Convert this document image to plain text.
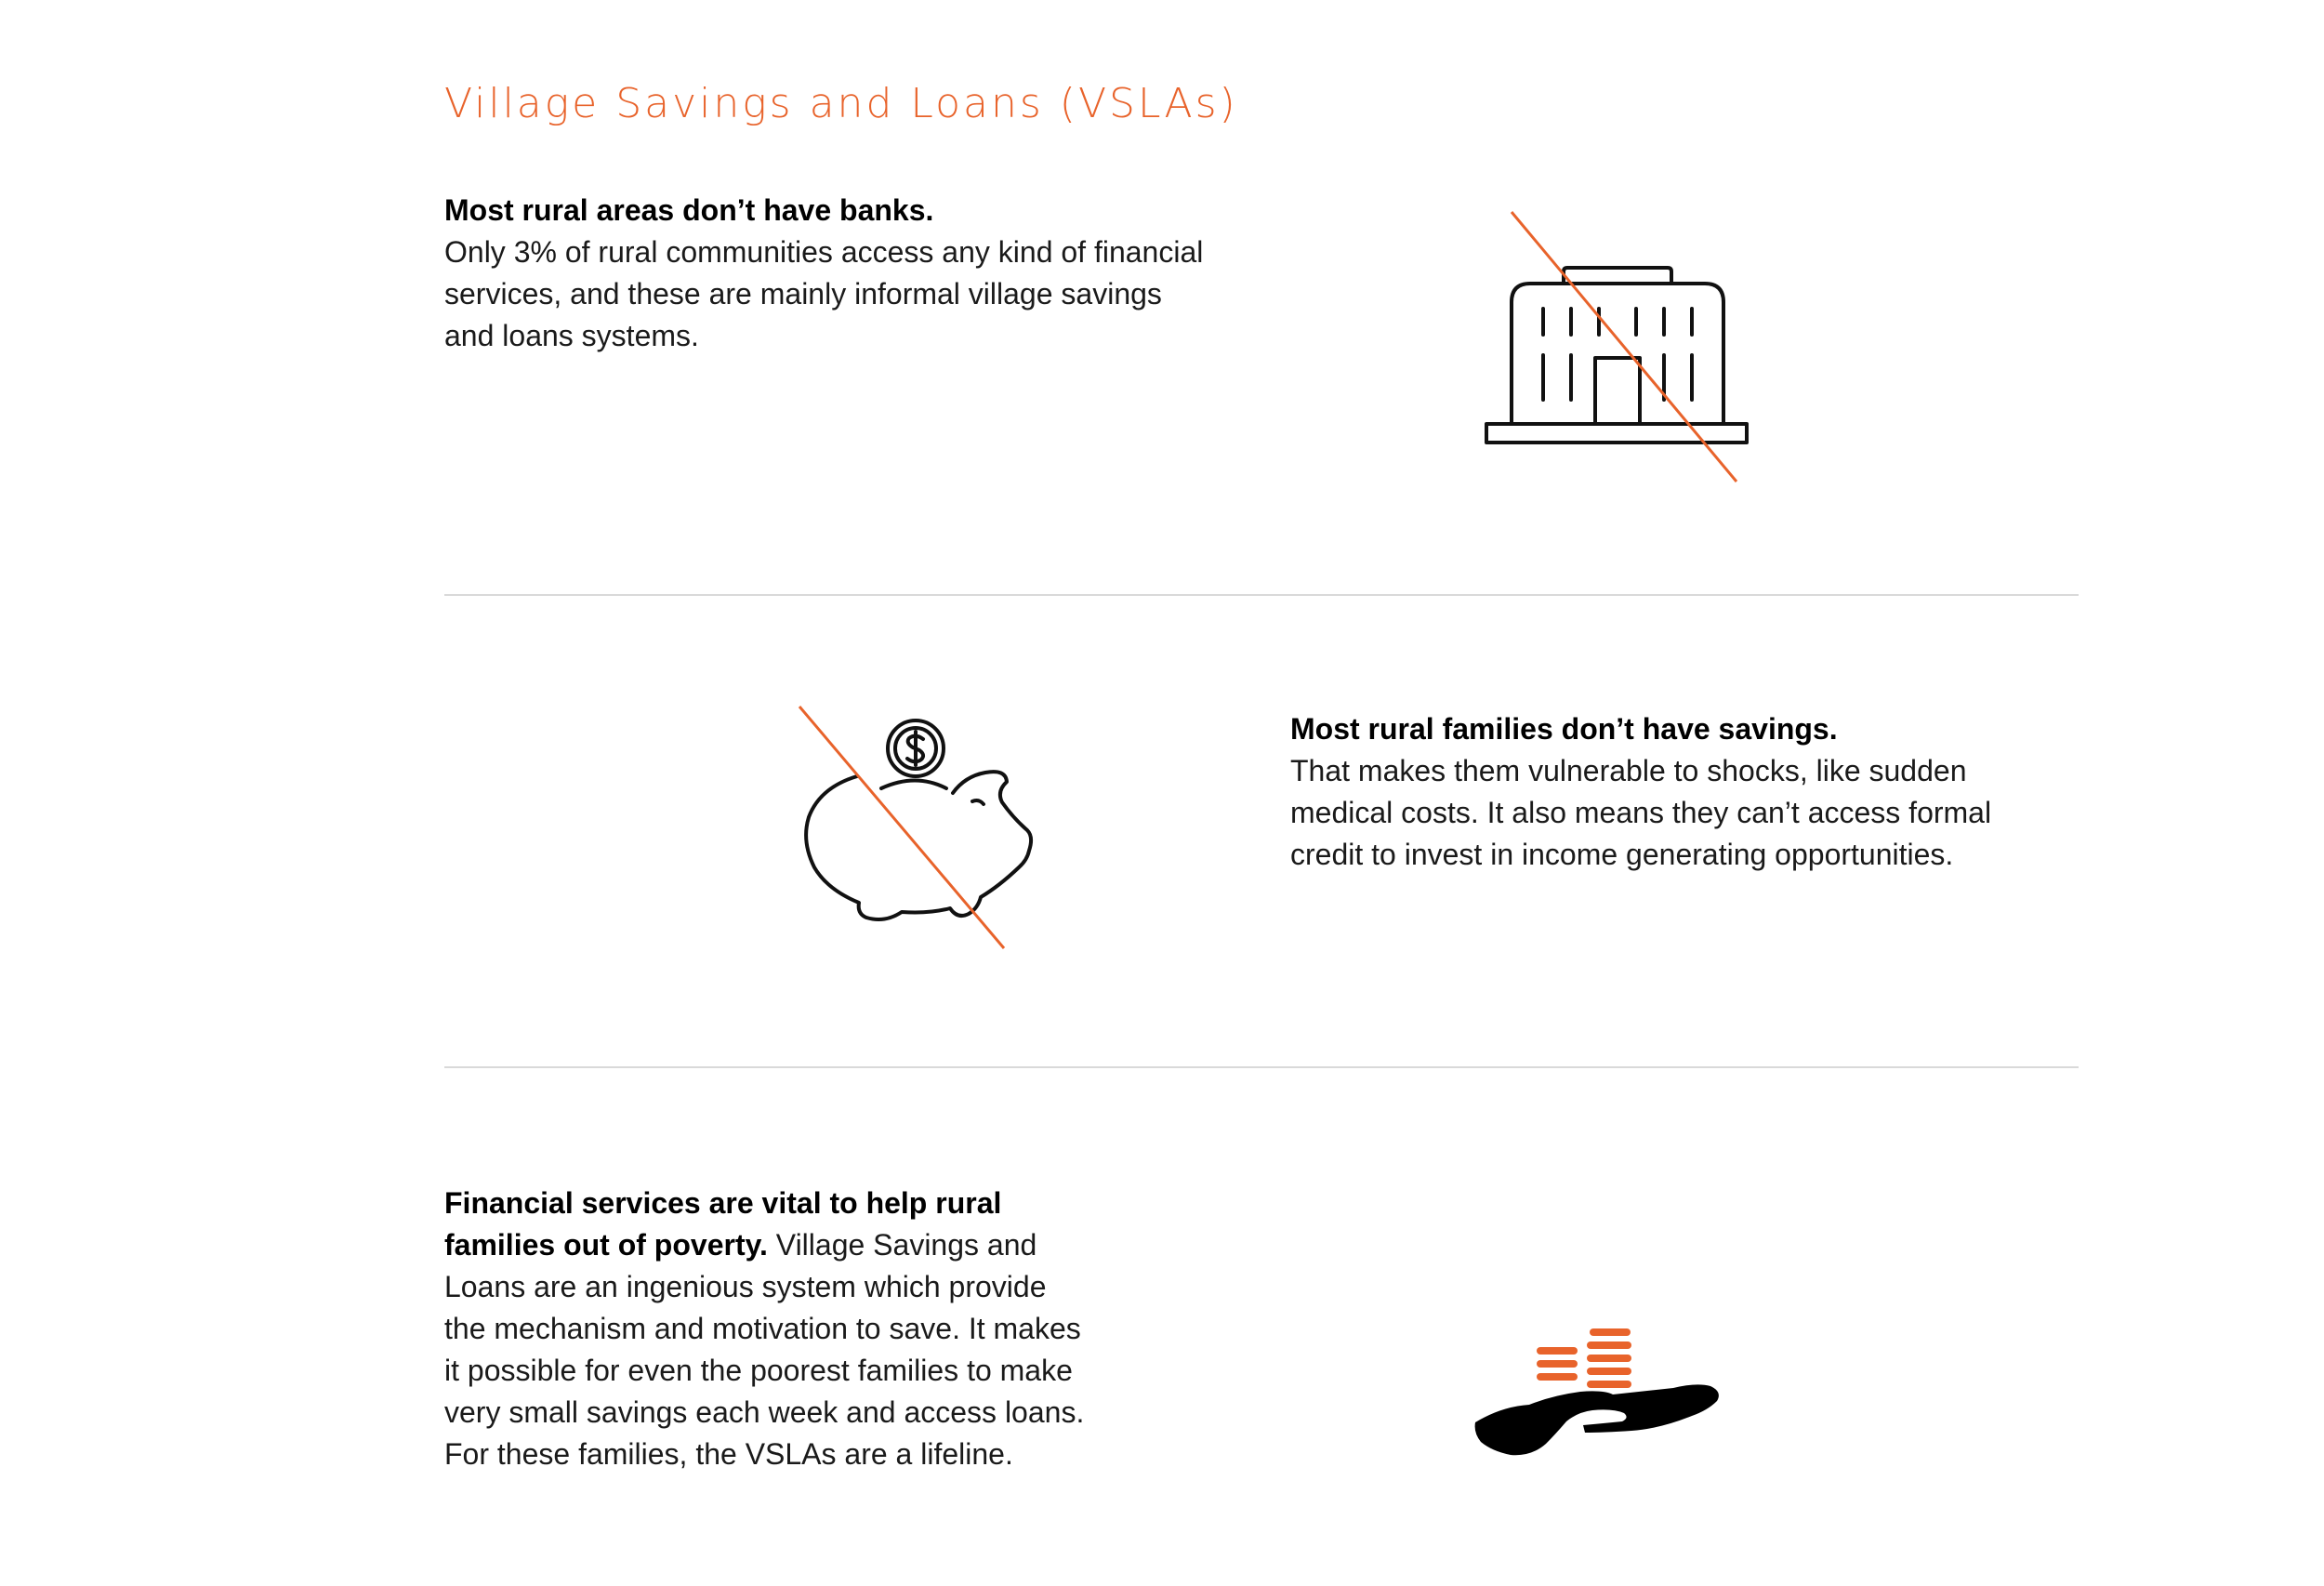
Village Savings and Loans (VSLAs)
Most rural areas don’t have banks.
Only 3% of rural communities access any kind of financial services, and these are mainly informal village savings and loans systems.
Most rural families don’t have savings.
That makes them vulnerable to shocks, like sudden medical costs. It also means they can’t access formal credit to invest in income generating opportunities.
Financial services are vital to help rural families out of poverty. Village Savings and Loans are an ingenious system which provide the mechanism and motivation to save. It makes it possible for even the poorest families to make very small savings each week and access loans. For these families, the VSLAs are a lifeline.
